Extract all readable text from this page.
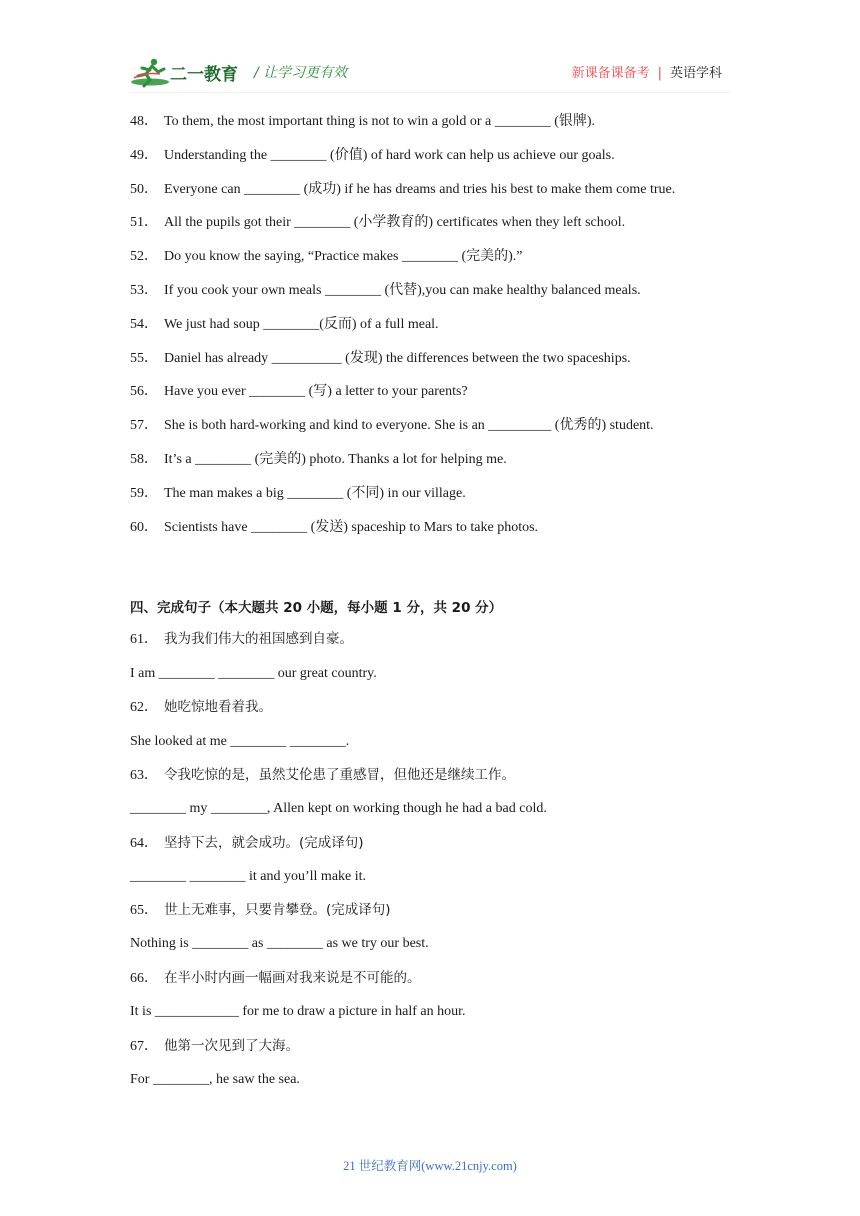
二一教育 / 让学习更有效	新课备课备考 | 英语学科
48． To them, the most important thing is not to win a gold or a ________ (银牌).
49． Understanding the ________ (价值) of hard work can help us achieve our goals.
50． Everyone can ________ (成功) if he has dreams and tries his best to make them come true.
51． All the pupils got their ________ (小学教育的) certificates when they left school.
52． Do you know the saying, “Practice makes ________ (完美的).”
53． If you cook your own meals ________ (代替),you can make healthy balanced meals.
54． We just had soup ________(反而) of a full meal.
55． Daniel has already __________ (发现) the differences between the two spaceships.
56． Have you ever ________ (写) a letter to your parents?
57． She is both hard-working and kind to everyone. She is an _________ (优秀的) student.
58． It’s a ________ (完美的) photo. Thanks a lot for helping me.
59． The man makes a big ________ (不同) in our village.
60． Scientists have ________ (发送) spaceship to Mars to take photos.
四、完成句子（本大题共 20 小题，每小题 1 分，共 20 分）
61． 我为我们伟大的祖国感到自豪。
I am ________ ________ our great country.
62． 她吃惊地看着我。
She looked at me ________ ________.
63． 令我吃惊的是，虽然艾伦患了重感冒，但他还是继续工作。
________ my ________, Allen kept on working though he had a bad cold.
64． 坚持下去，就会成功。(完成译句)
________ ________ it and you’ll make it.
65． 世上无难事，只要肯攀登。(完成译句)
Nothing is ________ as ________ as we try our best.
66． 在半小时内画一幅画对我来说是不可能的。
It is ____________ for me to draw a picture in half an hour.
67． 他第一次见到了大海。
For ________, he saw the sea.
21 世纪教育网(www.21cnjy.com)
